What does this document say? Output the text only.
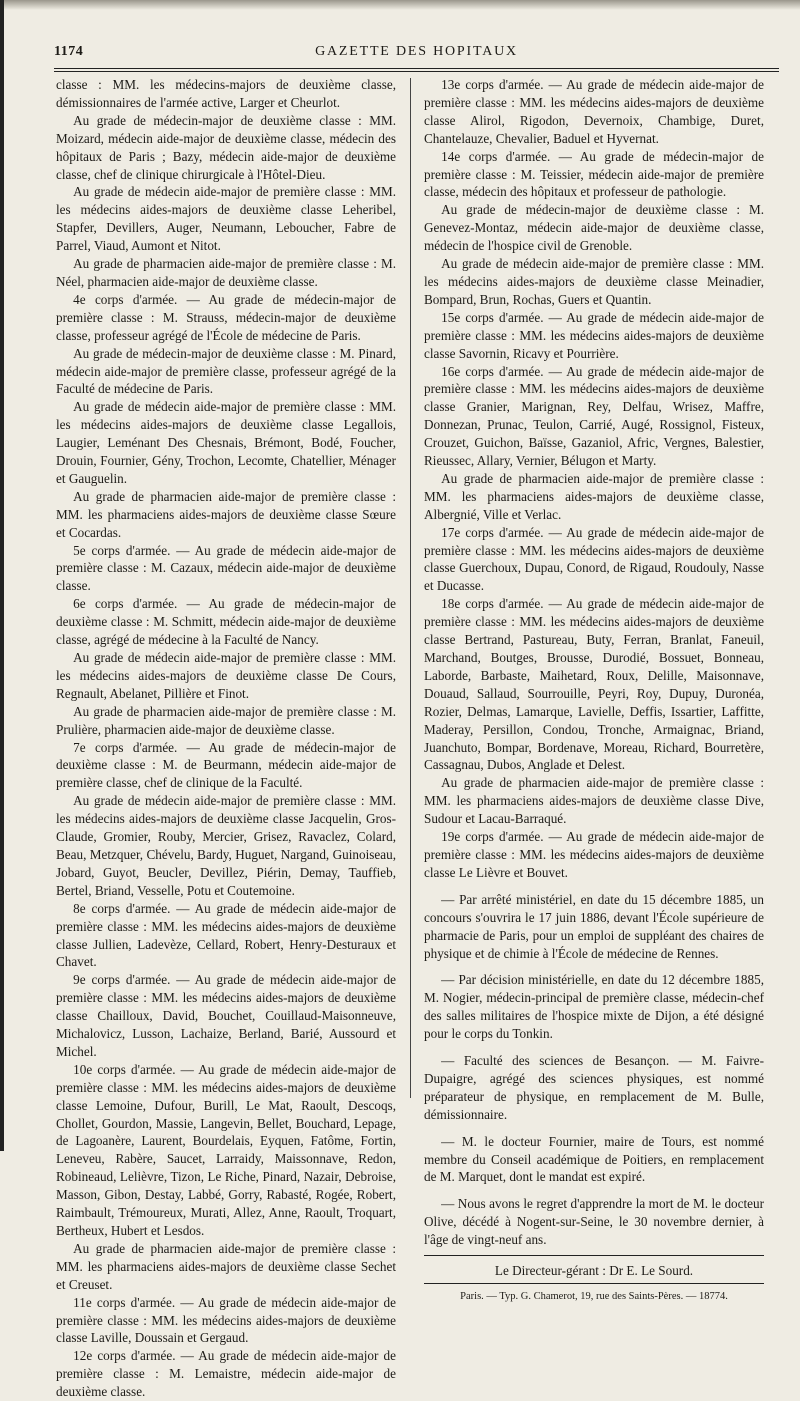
1174	GAZETTE DES HOPITAUX

classe : MM. les médecins-majors de deuxième classe, démissionnaires de l'armée active, Larger et Cheurlot.

Au grade de médecin-major de deuxième classe : MM. Moizard, médecin aide-major de deuxième classe, médecin des hôpitaux de Paris ; Bazy, médecin aide-major de deuxième classe, chef de clinique chirurgicale à l'Hôtel-Dieu.

Au grade de médecin aide-major de première classe : MM. les médecins aides-majors de deuxième classe Leheribel, Stapfer, Devillers, Auger, Neumann, Leboucher, Fabre de Parrel, Viaud, Aumont et Nitot.

Au grade de pharmacien aide-major de première classe : M. Néel, pharmacien aide-major de deuxième classe.

4e corps d'armée. — Au grade de médecin-major de première classe : M. Strauss, médecin-major de deuxième classe, professeur agrégé de l'École de médecine de Paris.

Au grade de médecin-major de deuxième classe : M. Pinard, médecin aide-major de première classe, professeur agrégé de la Faculté de médecine de Paris.

Au grade de médecin aide-major de première classe : MM. les médecins aides-majors de deuxième classe Legallois, Laugier, Leménant Des Chesnais, Brémont, Bodé, Foucher, Drouin, Fournier, Gény, Trochon, Lecomte, Chatellier, Ménager et Gauguelin.

Au grade de pharmacien aide-major de première classe : MM. les pharmaciens aides-majors de deuxième classe Sœure et Cocardas.

5e corps d'armée. — Au grade de médecin aide-major de première classe : M. Cazaux, médecin aide-major de deuxième classe.

6e corps d'armée. — Au grade de médecin-major de deuxième classe : M. Schmitt, médecin aide-major de deuxième classe, agrégé de médecine à la Faculté de Nancy.

Au grade de médecin aide-major de première classe : MM. les médecins aides-majors de deuxième classe De Cours, Regnault, Abelanet, Pillière et Finot.

Au grade de pharmacien aide-major de première classe : M. Prulière, pharmacien aide-major de deuxième classe.

7e corps d'armée. — Au grade de médecin-major de deuxième classe : M. de Beurmann, médecin aide-major de première classe, chef de clinique de la Faculté.

Au grade de médecin aide-major de première classe : MM. les médecins aides-majors de deuxième classe Jacquelin, Gros-Claude, Gromier, Rouby, Mercier, Grisez, Ravaclez, Colard, Beau, Metzquer, Chévelu, Bardy, Huguet, Nargand, Guinoiseau, Jobard, Guyot, Beucler, Devillez, Piérin, Demay, Tauffieb, Bertel, Briand, Vesselle, Potu et Coutemoine.

8e corps d'armée. — Au grade de médecin aide-major de première classe : MM. les médecins aides-majors de deuxième classe Jullien, Ladevèze, Cellard, Robert, Henry-Desturaux et Chavet.

9e corps d'armée. — Au grade de médecin aide-major de première classe : MM. les médecins aides-majors de deuxième classe Chailloux, David, Bouchet, Couillaud-Maisonneuve, Michalovicz, Lusson, Lachaize, Berland, Barié, Aussourd et Michel.

10e corps d'armée. — Au grade de médecin aide-major de première classe : MM. les médecins aides-majors de deuxième classe Lemoine, Dufour, Burill, Le Mat, Raoult, Descoqs, Chollet, Gourdon, Massie, Langevin, Bellet, Bouchard, Lepage, de Lagoanère, Laurent, Bourdelais, Eyquen, Fatôme, Fortin, Leneveu, Rabère, Saucet, Larraidy, Maissonnave, Redon, Robineaud, Lelièvre, Tizon, Le Riche, Pinard, Nazair, Debroise, Masson, Gibon, Destay, Labbé, Gorry, Rabasté, Rogée, Robert, Raimbault, Trémoureux, Murati, Allez, Anne, Raoult, Troquart, Bertheux, Hubert et Lesdos.

Au grade de pharmacien aide-major de première classe : MM. les pharmaciens aides-majors de deuxième classe Sechet et Creuset.

11e corps d'armée. — Au grade de médecin aide-major de première classe : MM. les médecins aides-majors de deuxième classe Laville, Doussain et Gergaud.

12e corps d'armée. — Au grade de médecin aide-major de première classe : M. Lemaistre, médecin aide-major de deuxième classe.

13e corps d'armée. — Au grade de médecin aide-major de première classe : MM. les médecins aides-majors de deuxième classe Alirol, Rigodon, Devernoix, Chambige, Duret, Chantelauze, Chevalier, Baduel et Hyvernat.

14e corps d'armée. — Au grade de médecin-major de première classe : M. Teissier, médecin aide-major de première classe, médecin des hôpitaux et professeur de pathologie.

Au grade de médecin-major de deuxième classe : M. Genevez-Montaz, médecin aide-major de deuxième classe, médecin de l'hospice civil de Grenoble.

Au grade de médecin aide-major de première classe : MM. les médecins aides-majors de deuxième classe Meinadier, Bompard, Brun, Rochas, Guers et Quantin.

15e corps d'armée. — Au grade de médecin aide-major de première classe : MM. les médecins aides-majors de deuxième classe Savornin, Ricavy et Pourrière.

16e corps d'armée. — Au grade de médecin aide-major de première classe : MM. les médecins aides-majors de deuxième classe Granier, Marignan, Rey, Delfau, Wrisez, Maffre, Donnezan, Prunac, Teulon, Carrié, Augé, Rossignol, Fisteux, Crouzet, Guichon, Baïsse, Gazaniol, Afric, Vergnes, Balestier, Rieussec, Allary, Vernier, Bélugon et Marty.

Au grade de pharmacien aide-major de première classe : MM. les pharmaciens aides-majors de deuxième classe, Albergnié, Ville et Verlac.

17e corps d'armée. — Au grade de médecin aide-major de première classe : MM. les médecins aides-majors de deuxième classe Guerchoux, Dupau, Conord, de Rigaud, Roudouly, Nasse et Ducasse.

18e corps d'armée. — Au grade de médecin aide-major de première classe : MM. les médecins aides-majors de deuxième classe Bertrand, Pastureau, Buty, Ferran, Branlat, Faneuil, Marchand, Boutges, Brousse, Durodié, Bossuet, Bonneau, Laborde, Barbaste, Maihetard, Roux, Delille, Maisonnave, Douaud, Sallaud, Sourrouille, Peyri, Roy, Dupuy, Duronéa, Rozier, Delmas, Lamarque, Lavielle, Deffis, Issartier, Laffitte, Maderay, Persillon, Condou, Tronche, Armaignac, Briand, Juanchuto, Bompar, Bordenave, Moreau, Richard, Bourretère, Cassagnau, Dubos, Anglade et Delest.

Au grade de pharmacien aide-major de première classe : MM. les pharmaciens aides-majors de deuxième classe Dive, Sudour et Lacau-Barraqué.

19e corps d'armée. — Au grade de médecin aide-major de première classe : MM. les médecins aides-majors de deuxième classe Le Lièvre et Bouvet.

— Par arrêté ministériel, en date du 15 décembre 1885, un concours s'ouvrira le 17 juin 1886, devant l'École supérieure de pharmacie de Paris, pour un emploi de suppléant des chaires de physique et de chimie à l'École de médecine de Rennes.

— Par décision ministérielle, en date du 12 décembre 1885, M. Nogier, médecin-principal de première classe, médecin-chef des salles militaires de l'hospice mixte de Dijon, a été désigné pour le corps du Tonkin.

— Faculté des sciences de Besançon. — M. Faivre-Dupaigre, agrégé des sciences physiques, est nommé préparateur de physique, en remplacement de M. Bulle, démissionnaire.

— M. le docteur Fournier, maire de Tours, est nommé membre du Conseil académique de Poitiers, en remplacement de M. Marquet, dont le mandat est expiré.

— Nous avons le regret d'apprendre la mort de M. le docteur Olive, décédé à Nogent-sur-Seine, le 30 novembre dernier, à l'âge de vingt-neuf ans.

Le Directeur-gérant : Dr E. Le Sourd.

Paris. — Typ. G. Chamerot, 19, rue des Saints-Pères. — 18774.
